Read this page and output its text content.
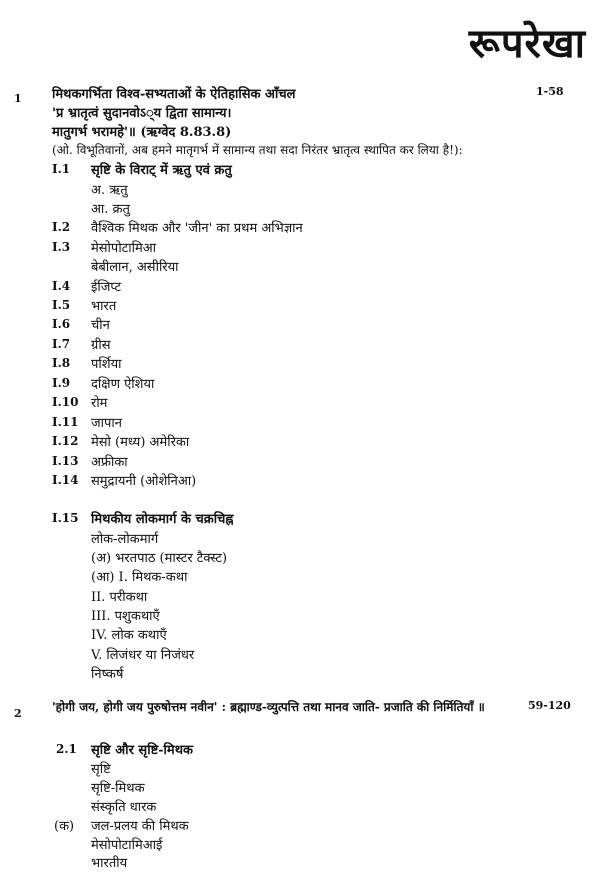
रूपरेखा
1 मिथकगर्भिता विश्व-सभ्यताओं के ऐतिहासिक आँचल	1-58
'प्र भ्रातृत्वं सुदानवोऽ्य द्विता सामान्य।
मातुगर्भ भरामहे'॥ (ऋग्वेद 8.83.8)
(ओ. विभूतिवानों, अब हमने मातृगर्भ में सामान्य तथा सदा निरंतर भ्रातृत्व स्थापित कर लिया है!):
I.1 सृष्टि के विराट् में ऋतु एवं क्रतु
अ. ऋतु
आ. क्रतु
I.2 वैश्विक मिथक और 'जीन' का प्रथम अभिज्ञान
I.3 मेसोपोटामिआ
बेबीलान, असीरिया
I.4 ईजिप्ट
I.5 भारत
I.6 चीन
I.7 ग्रीस
I.8 पर्शिया
I.9 दक्षिण ऐशिया
I.10 रोम
I.11 जापान
I.12 मेसो (मध्य) अमेरिका
I.13 अफ्रीका
I.14 समुद्रायनी (ओशेनिआ)
I.15 मिथकीय लोकमार्ग के चक्रचिह्न
लोक-लोकमार्ग
(अ) भरतपाठ (मास्टर टैक्स्ट)
(आ) I. मिथक-कथा
II. परीकथा
III. पशुकथाएँ
IV. लोक कथाएँ
V. लिजंधर या निजंधर
निष्कर्ष
2	'होगी जय, होगी जय पुरुषोत्तम नवीन' : ब्रह्माण्ड-व्युत्पत्ति तथा मानव जाति- प्रजाति की निर्मितियाँ ॥	59-120
2.1 सृष्टि और सृष्टि-मिथक
सृष्टि
सृष्टि-मिथक
संस्कृति धारक
(क) जल-प्रलय की मिथक
मेसोपोटामिआई
भारतीय
